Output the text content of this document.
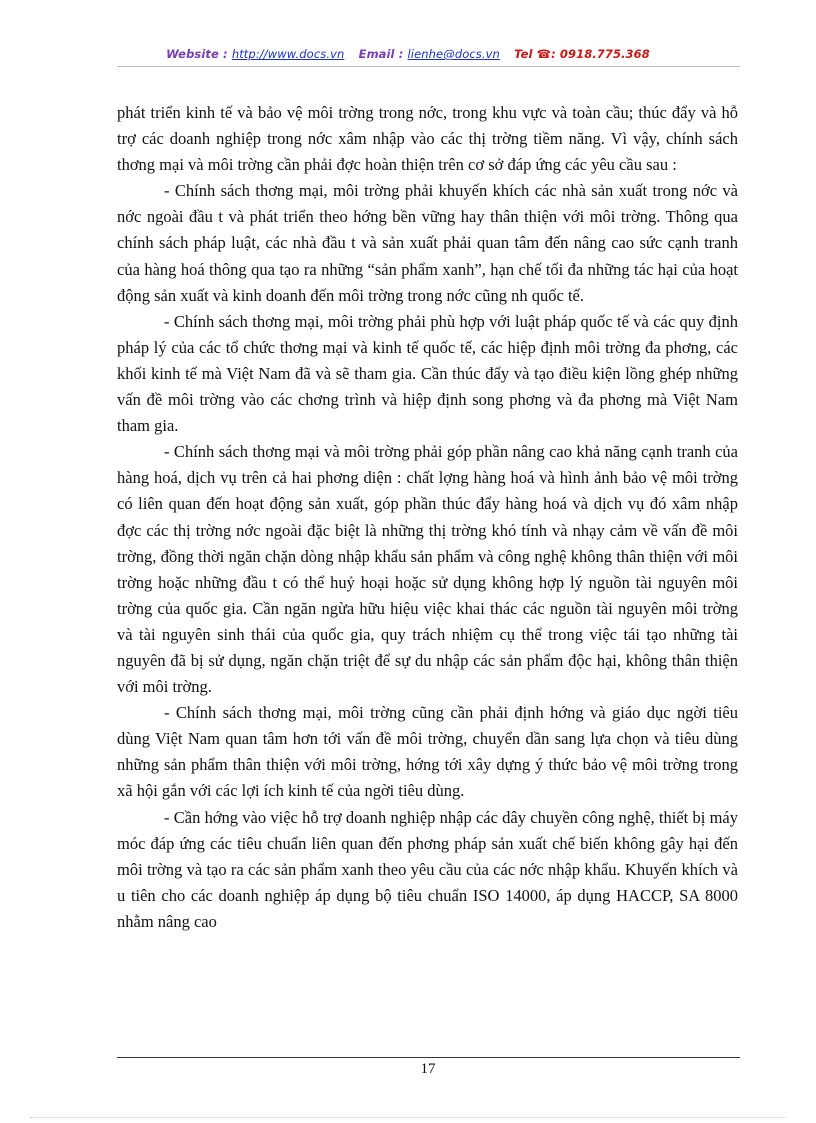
Website : http://www.docs.vn Email : lienhe@docs.vn Tel ☎: 0918.775.368

phát triển kinh tế và bảo vệ môi trờng trong nớc, trong khu vực và toàn cầu; thúc đẩy và hỗ trợ các doanh nghiệp trong nớc xâm nhập vào các thị trờng tiềm năng. Vì vậy, chính sách thơng mại và môi trờng cần phải đợc hoàn thiện trên cơ sở đáp ứng các yêu cầu sau :

- Chính sách thơng mại, môi trờng phải khuyến khích các nhà sản xuất trong nớc và nớc ngoài đầu t và phát triển theo hớng bền vững hay thân thiện với môi trờng. Thông qua chính sách pháp luật, các nhà đầu t và sản xuất phải quan tâm đến nâng cao sức cạnh tranh của hàng hoá thông qua tạo ra những “sản phẩm xanh”, hạn chế tối đa những tác hại của hoạt động sản xuất và kinh doanh đến môi trờng trong nớc cũng nh quốc tế.

- Chính sách thơng mại, môi trờng phải phù hợp với luật pháp quốc tế và các quy định pháp lý của các tổ chức thơng mại và kinh tế quốc tế, các hiệp định môi trờng đa phơng, các khối kinh tế mà Việt Nam đã và sẽ tham gia. Cần thúc đẩy và tạo điều kiện lồng ghép những vấn đề môi trờng vào các chơng trình và hiệp định song phơng và đa phơng mà Việt Nam tham gia.

- Chính sách thơng mại và môi trờng phải góp phần nâng cao khả năng cạnh tranh của hàng hoá, dịch vụ trên cả hai phơng diện : chất lợng hàng hoá và hình ảnh bảo vệ môi trờng có liên quan đến hoạt động sản xuất, góp phần thúc đẩy hàng hoá và dịch vụ đó xâm nhập đợc các thị trờng nớc ngoài đặc biệt là những thị trờng khó tính và nhạy cảm về vấn đề môi trờng, đồng thời ngăn chặn dòng nhập khẩu sản phẩm và công nghệ không thân thiện với môi trờng hoặc những đầu t có thể huỷ hoại hoặc sử dụng không hợp lý nguồn tài nguyên môi trờng của quốc gia. Cần ngăn ngừa hữu hiệu việc khai thác các nguồn tài nguyên môi trờng và tài nguyên sinh thái của quốc gia, quy trách nhiệm cụ thể trong việc tái tạo những tài nguyên đã bị sử dụng, ngăn chặn triệt để sự du nhập các sản phẩm độc hại, không thân thiện với môi trờng.

- Chính sách thơng mại, môi trờng cũng cần phải định hớng và giáo dục ngời tiêu dùng Việt Nam quan tâm hơn tới vấn đề môi trờng, chuyển dần sang lựa chọn và tiêu dùng những sản phẩm thân thiện với môi trờng, hớng tới xây dựng ý thức bảo vệ môi trờng trong xã hội gắn với các lợi ích kinh tế của ngời tiêu dùng.

- Cần hớng vào việc hỗ trợ doanh nghiệp nhập các dây chuyền công nghệ, thiết bị máy móc đáp ứng các tiêu chuẩn liên quan đến phơng pháp sản xuất chế biến không gây hại đến môi trờng và tạo ra các sản phẩm xanh theo yêu cầu của các nớc nhập khẩu. Khuyến khích và u tiên cho các doanh nghiệp áp dụng bộ tiêu chuẩn ISO 14000, áp dụng HACCP, SA 8000 nhằm nâng cao

17
